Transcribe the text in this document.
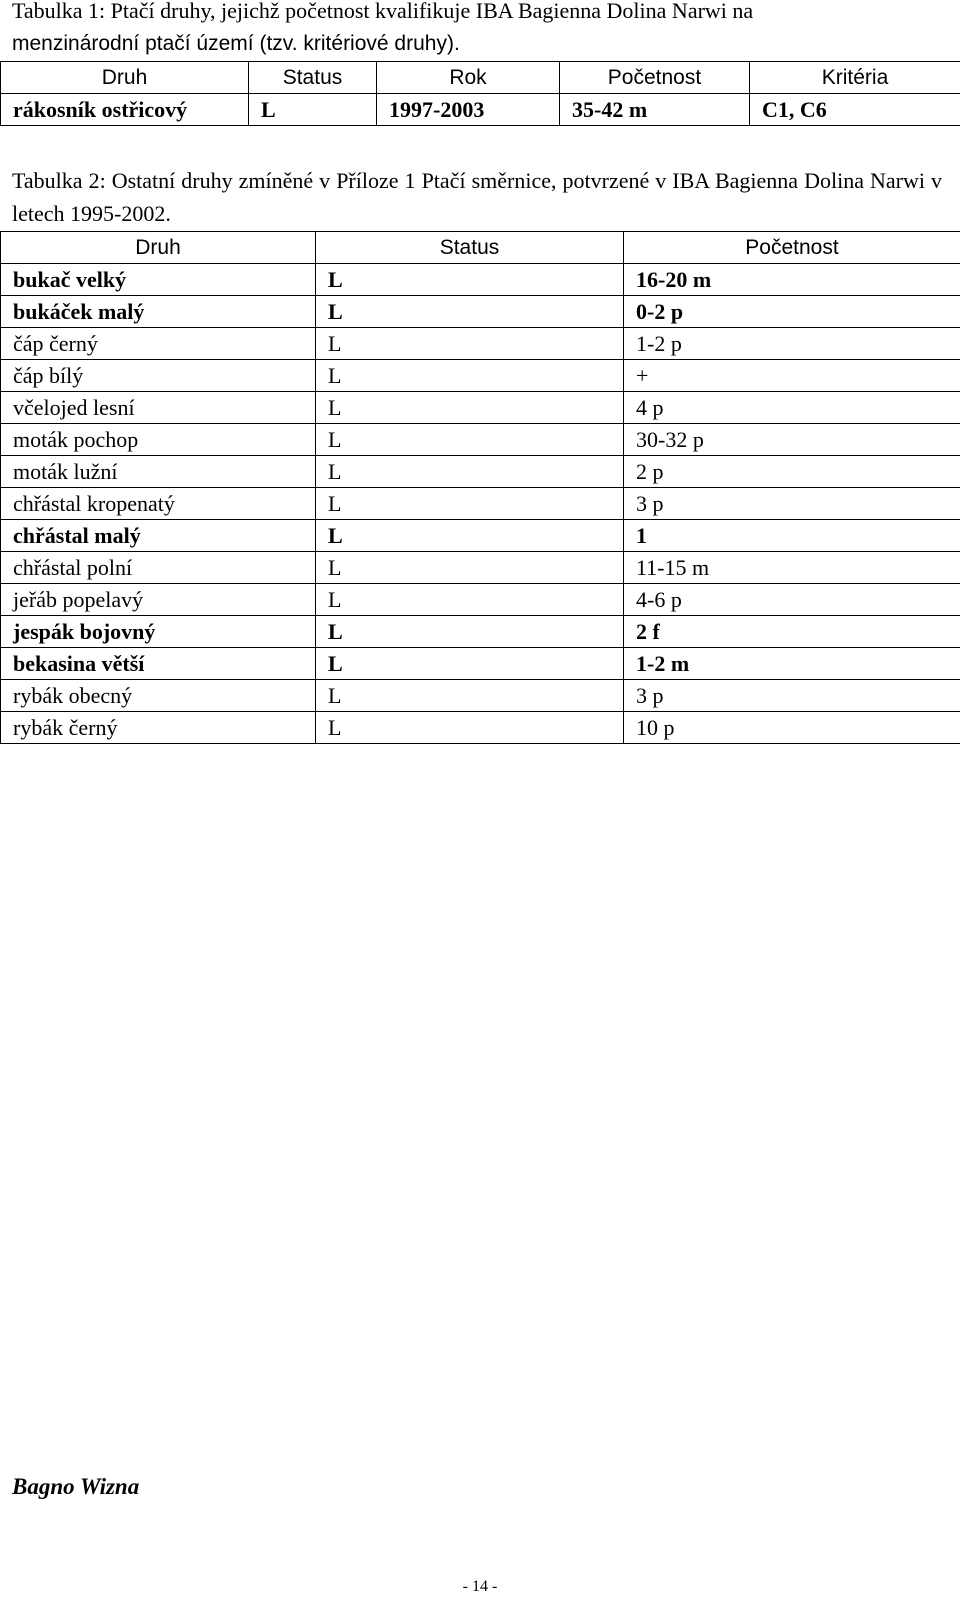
Tabulka 1: Ptačí druhy, jejichž početnost kvalifikuje IBA Bagienna Dolina Narwi na
menzinárodní ptačí území (tzv. kritériové druhy).
Druh	Status	Rok	Početnost	Kritéria
rákosník ostřicový	L	1997-2003	35-42 m	C1, C6
Tabulka 2: Ostatní druhy zmíněné v Příloze 1 Ptačí směrnice, potvrzené v IBA Bagienna Dolina Narwi v letech 1995-2002.
Druh	Status	Početnost
bukač velký	L	16-20 m
bukáček malý	L	0-2 p
čáp černý	L	1-2 p
čáp bílý	L	+
včelojed lesní	L	4 p
moták pochop	L	30-32 p
moták lužní	L	2 p
chřástal kropenatý	L	3 p
chřástal malý	L	1
chřástal polní	L	11-15 m
jeřáb popelavý	L	4-6 p
jespák bojovný	L	2 f
bekasina větší	L	1-2 m
rybák obecný	L	3 p
rybák černý	L	10 p
Bagno Wizna
- 14 -
